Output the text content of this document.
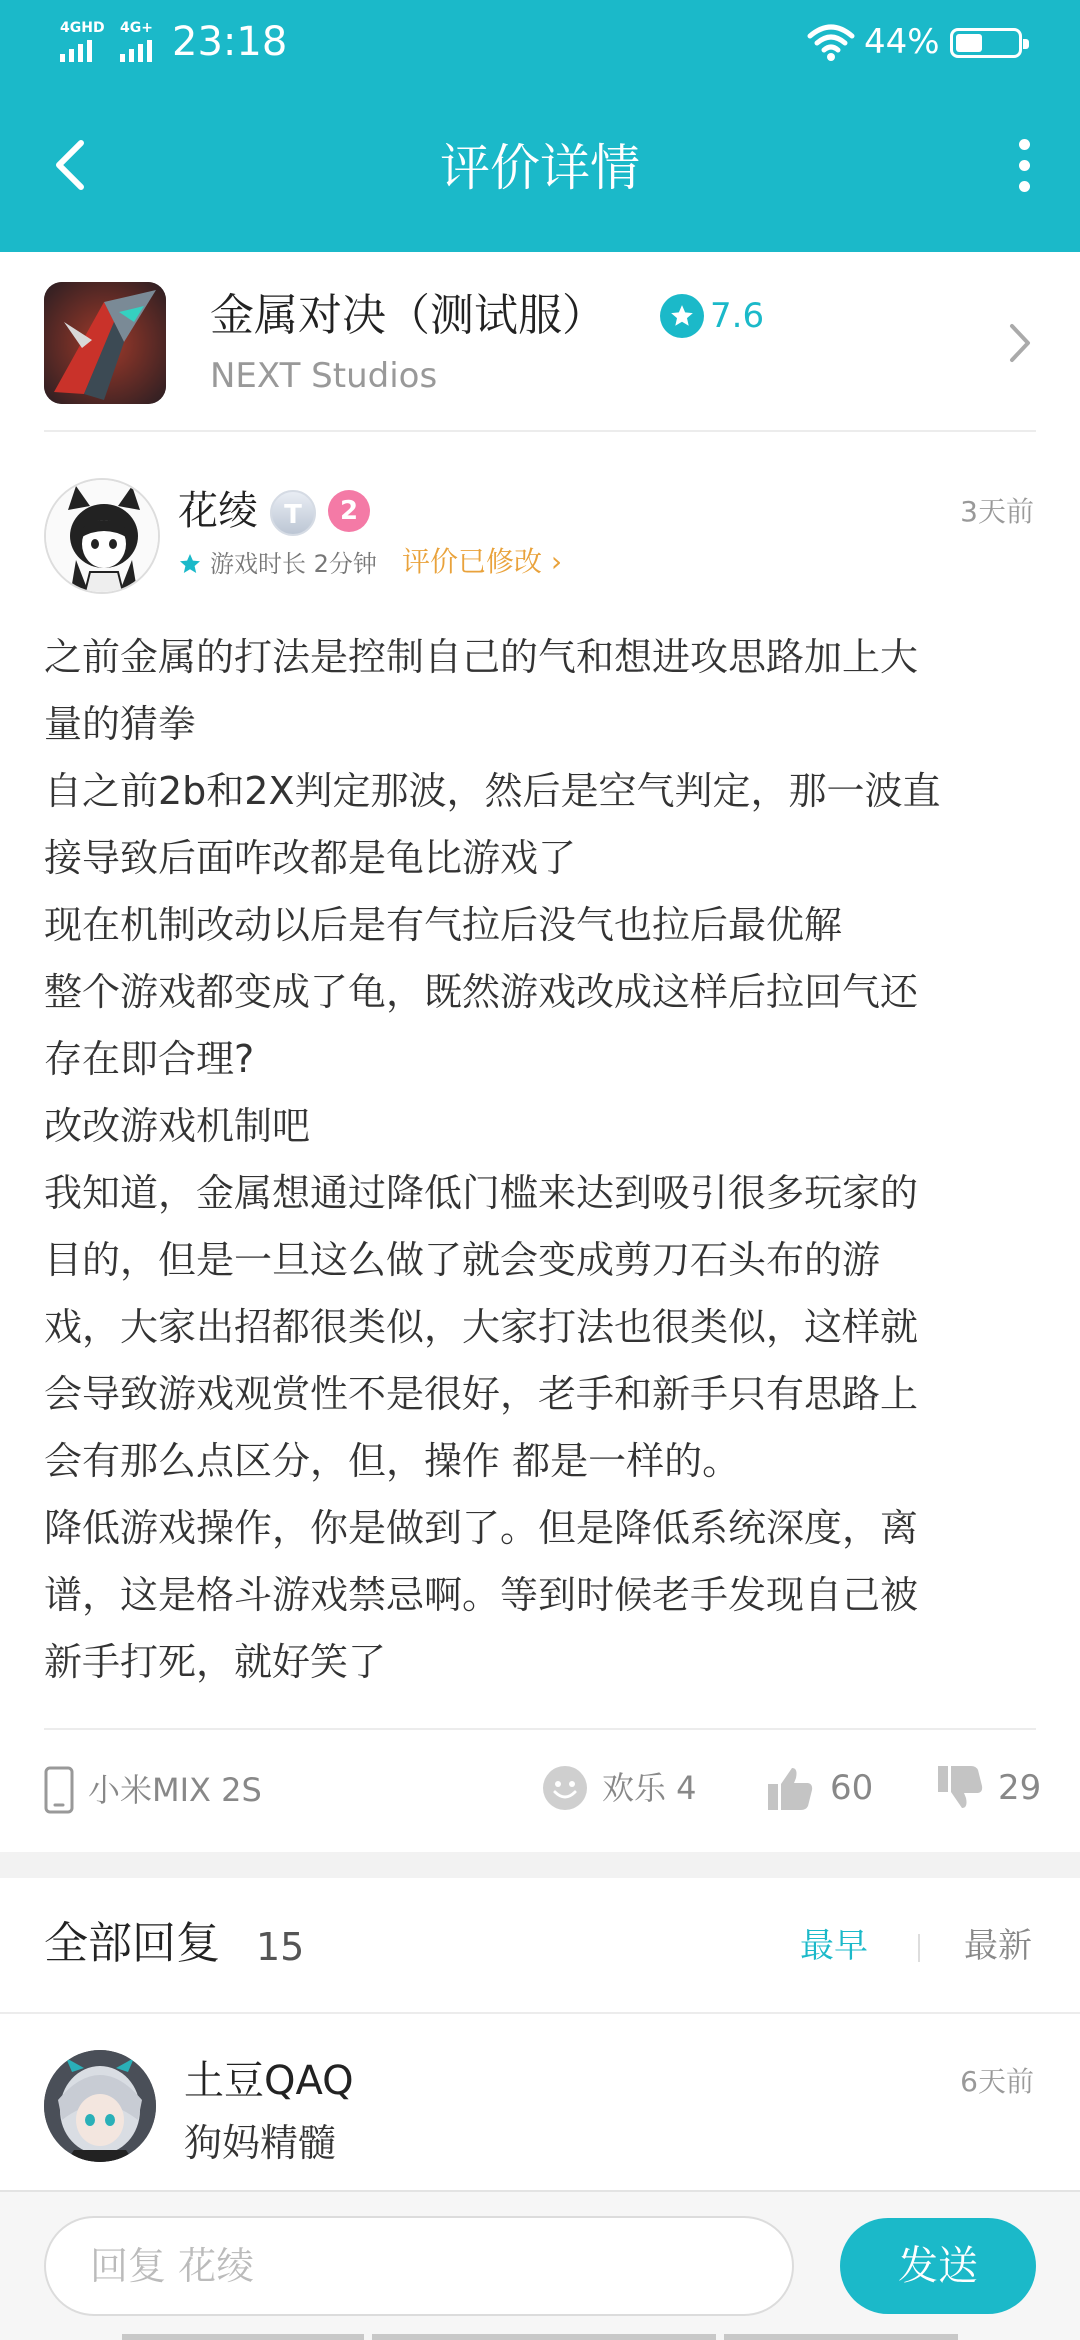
4GHD 4G+ 23:18	44%
评价详情
金属对决（测试服）	7.6
NEXT Studios
花绫	T	2	3天前
游戏时长 2分钟 评价已修改 ›

之前金属的打法是控制自己的气和想进攻思路加上大

量的猜拳

自之前2b和2X判定那波，然后是空气判定，那一波直

接导致后面咋改都是龟比游戏了

现在机制改动以后是有气拉后没气也拉后最优解

整个游戏都变成了龟，既然游戏改成这样后拉回气还

存在即合理?

改改游戏机制吧

我知道，金属想通过降低门槛来达到吸引很多玩家的

目的，但是一旦这么做了就会变成剪刀石头布的游

戏，大家出招都很类似，大家打法也很类似，这样就

会导致游戏观赏性不是很好，老手和新手只有思路上

会有那么点区分，但，操作 都是一样的。

降低游戏操作，你是做到了。但是降低系统深度，离

谱，这是格斗游戏禁忌啊。等到时候老手发现自己被

新手打死，就好笑了

小米MIX 2S	欢乐 4	60	29
全部回复 15	最早	最新
土豆QAQ	6天前
狗妈精髓
回复 花绫
发送
